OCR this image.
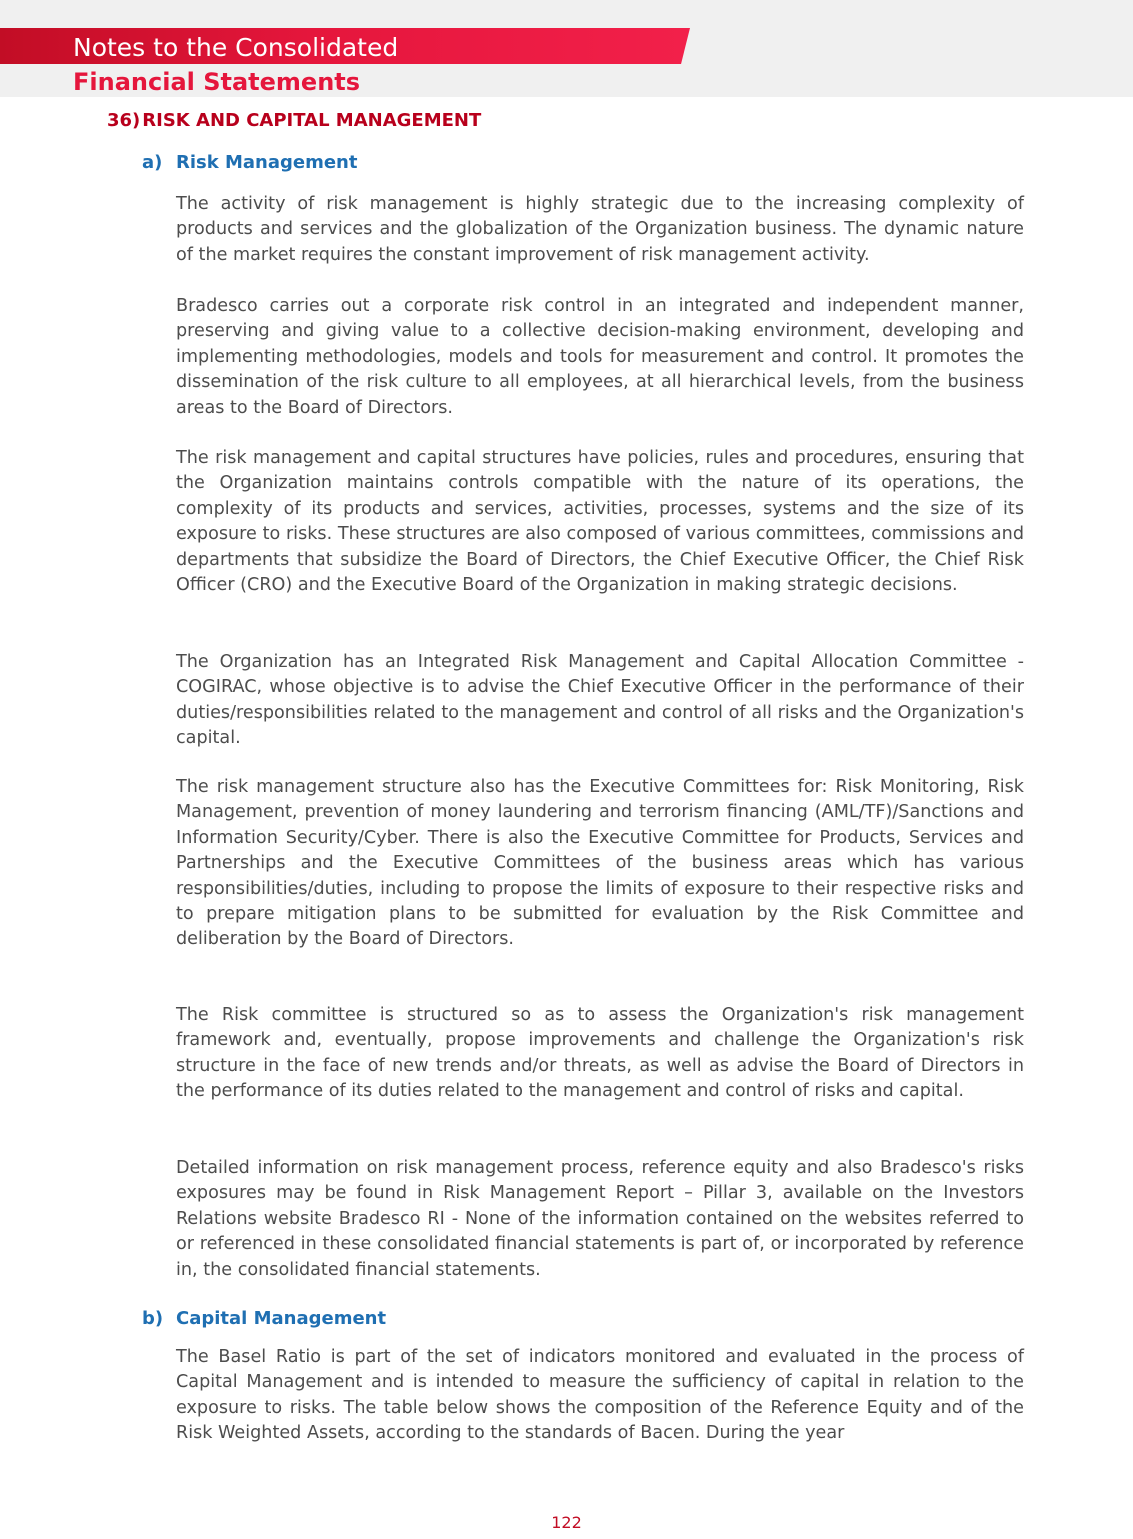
Notes to the Consolidated
Financial Statements
36) RISK AND CAPITAL MANAGEMENT
a) Risk Management

The activity of risk management is highly strategic due to the increasing complexity of products and services and the globalization of the Organization business. The dynamic nature of the market requires the constant improvement of risk management activity.

Bradesco carries out a corporate risk control in an integrated and independent manner, preserving and giving value to a collective decision-making environment, developing and implementing methodologies, models and tools for measurement and control. It promotes the dissemination of the risk culture to all employees, at all hierarchical levels, from the business areas to the Board of Directors.

The risk management and capital structures have policies, rules and procedures, ensuring that the Organization maintains controls compatible with the nature of its operations, the complexity of its products and services, activities, processes, systems and the size of its exposure to risks. These structures are also composed of various committees, commissions and departments that subsidize the Board of Directors, the Chief Executive Officer, the Chief Risk Officer (CRO) and the Executive Board of the Organization in making strategic decisions.

The Organization has an Integrated Risk Management and Capital Allocation Committee - COGIRAC, whose objective is to advise the Chief Executive Officer in the performance of their duties/responsibilities related to the management and control of all risks and the Organization's capital.

The risk management structure also has the Executive Committees for: Risk Monitoring, Risk Management, prevention of money laundering and terrorism financing (AML/TF)/Sanctions and Information Security/Cyber. There is also the Executive Committee for Products, Services and Partnerships and the Executive Committees of the business areas which has various responsibilities/duties, including to propose the limits of exposure to their respective risks and to prepare mitigation plans to be submitted for evaluation by the Risk Committee and deliberation by the Board of Directors.

The Risk committee is structured so as to assess the Organization's risk management framework and, eventually, propose improvements and challenge the Organization's risk structure in the face of new trends and/or threats, as well as advise the Board of Directors in the performance of its duties related to the management and control of risks and capital.

Detailed information on risk management process, reference equity and also Bradesco's risks exposures may be found in Risk Management Report – Pillar 3, available on the Investors Relations website Bradesco RI - None of the information contained on the websites referred to or referenced in these consolidated financial statements is part of, or incorporated by reference in, the consolidated financial statements.

b) Capital Management

The Basel Ratio is part of the set of indicators monitored and evaluated in the process of Capital Management and is intended to measure the sufficiency of capital in relation to the exposure to risks. The table below shows the composition of the Reference Equity and of the Risk Weighted Assets, according to the standards of Bacen. During the year

122
